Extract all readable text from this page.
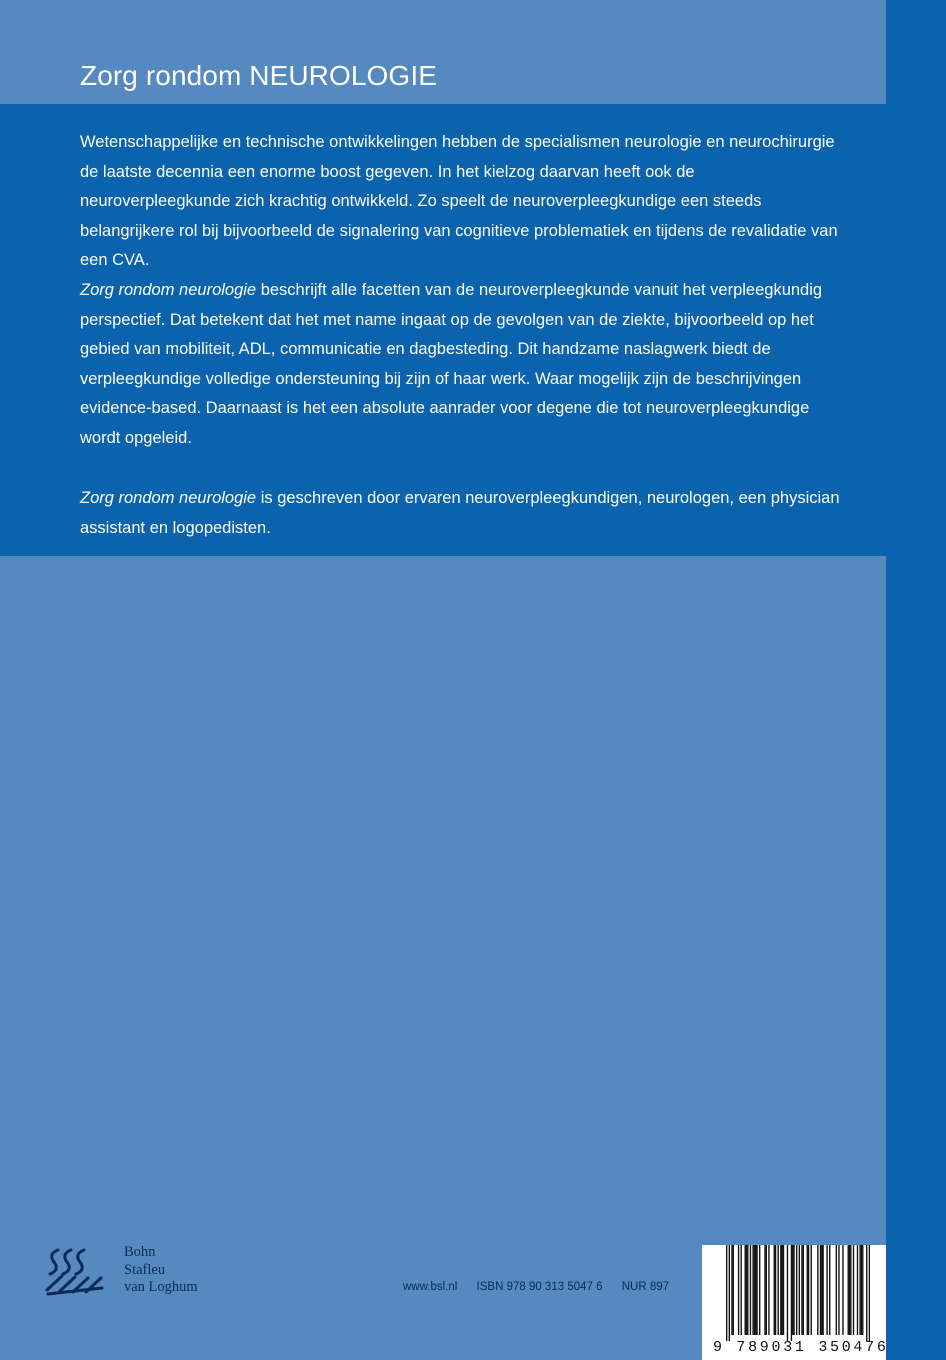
Zorg rondom NEUROLOGIE

Wetenschappelijke en technische ontwikkelingen hebben de specialismen neurologie en neurochirurgie de laatste decennia een enorme boost gegeven. In het kielzog daarvan heeft ook de neuroverpleegkunde zich krachtig ontwikkeld. Zo speelt de neuroverpleegkundige een steeds belangrijkere rol bij bijvoorbeeld de signalering van cognitieve problematiek en tijdens de revalidatie van een CVA.

Zorg rondom neurologie beschrijft alle facetten van de neuroverpleegkunde vanuit het verpleegkundig perspectief. Dat betekent dat het met name ingaat op de gevolgen van de ziekte, bijvoorbeeld op het gebied van mobiliteit, ADL, communicatie en dagbesteding. Dit handzame naslagwerk biedt de verpleegkundige volledige ondersteuning bij zijn of haar werk. Waar mogelijk zijn de beschrijvingen evidence-based. Daarnaast is het een absolute aanrader voor degene die tot neuroverpleegkundige wordt opgeleid.

Zorg rondom neurologie is geschreven door ervaren neuroverpleegkundigen, neurologen, een physician assistant en logopedisten.

Bohn
Stafleu
van Loghum	www.bsl.nl ISBN 978 90 313 5047 6 NUR 897
9 789031 350476
